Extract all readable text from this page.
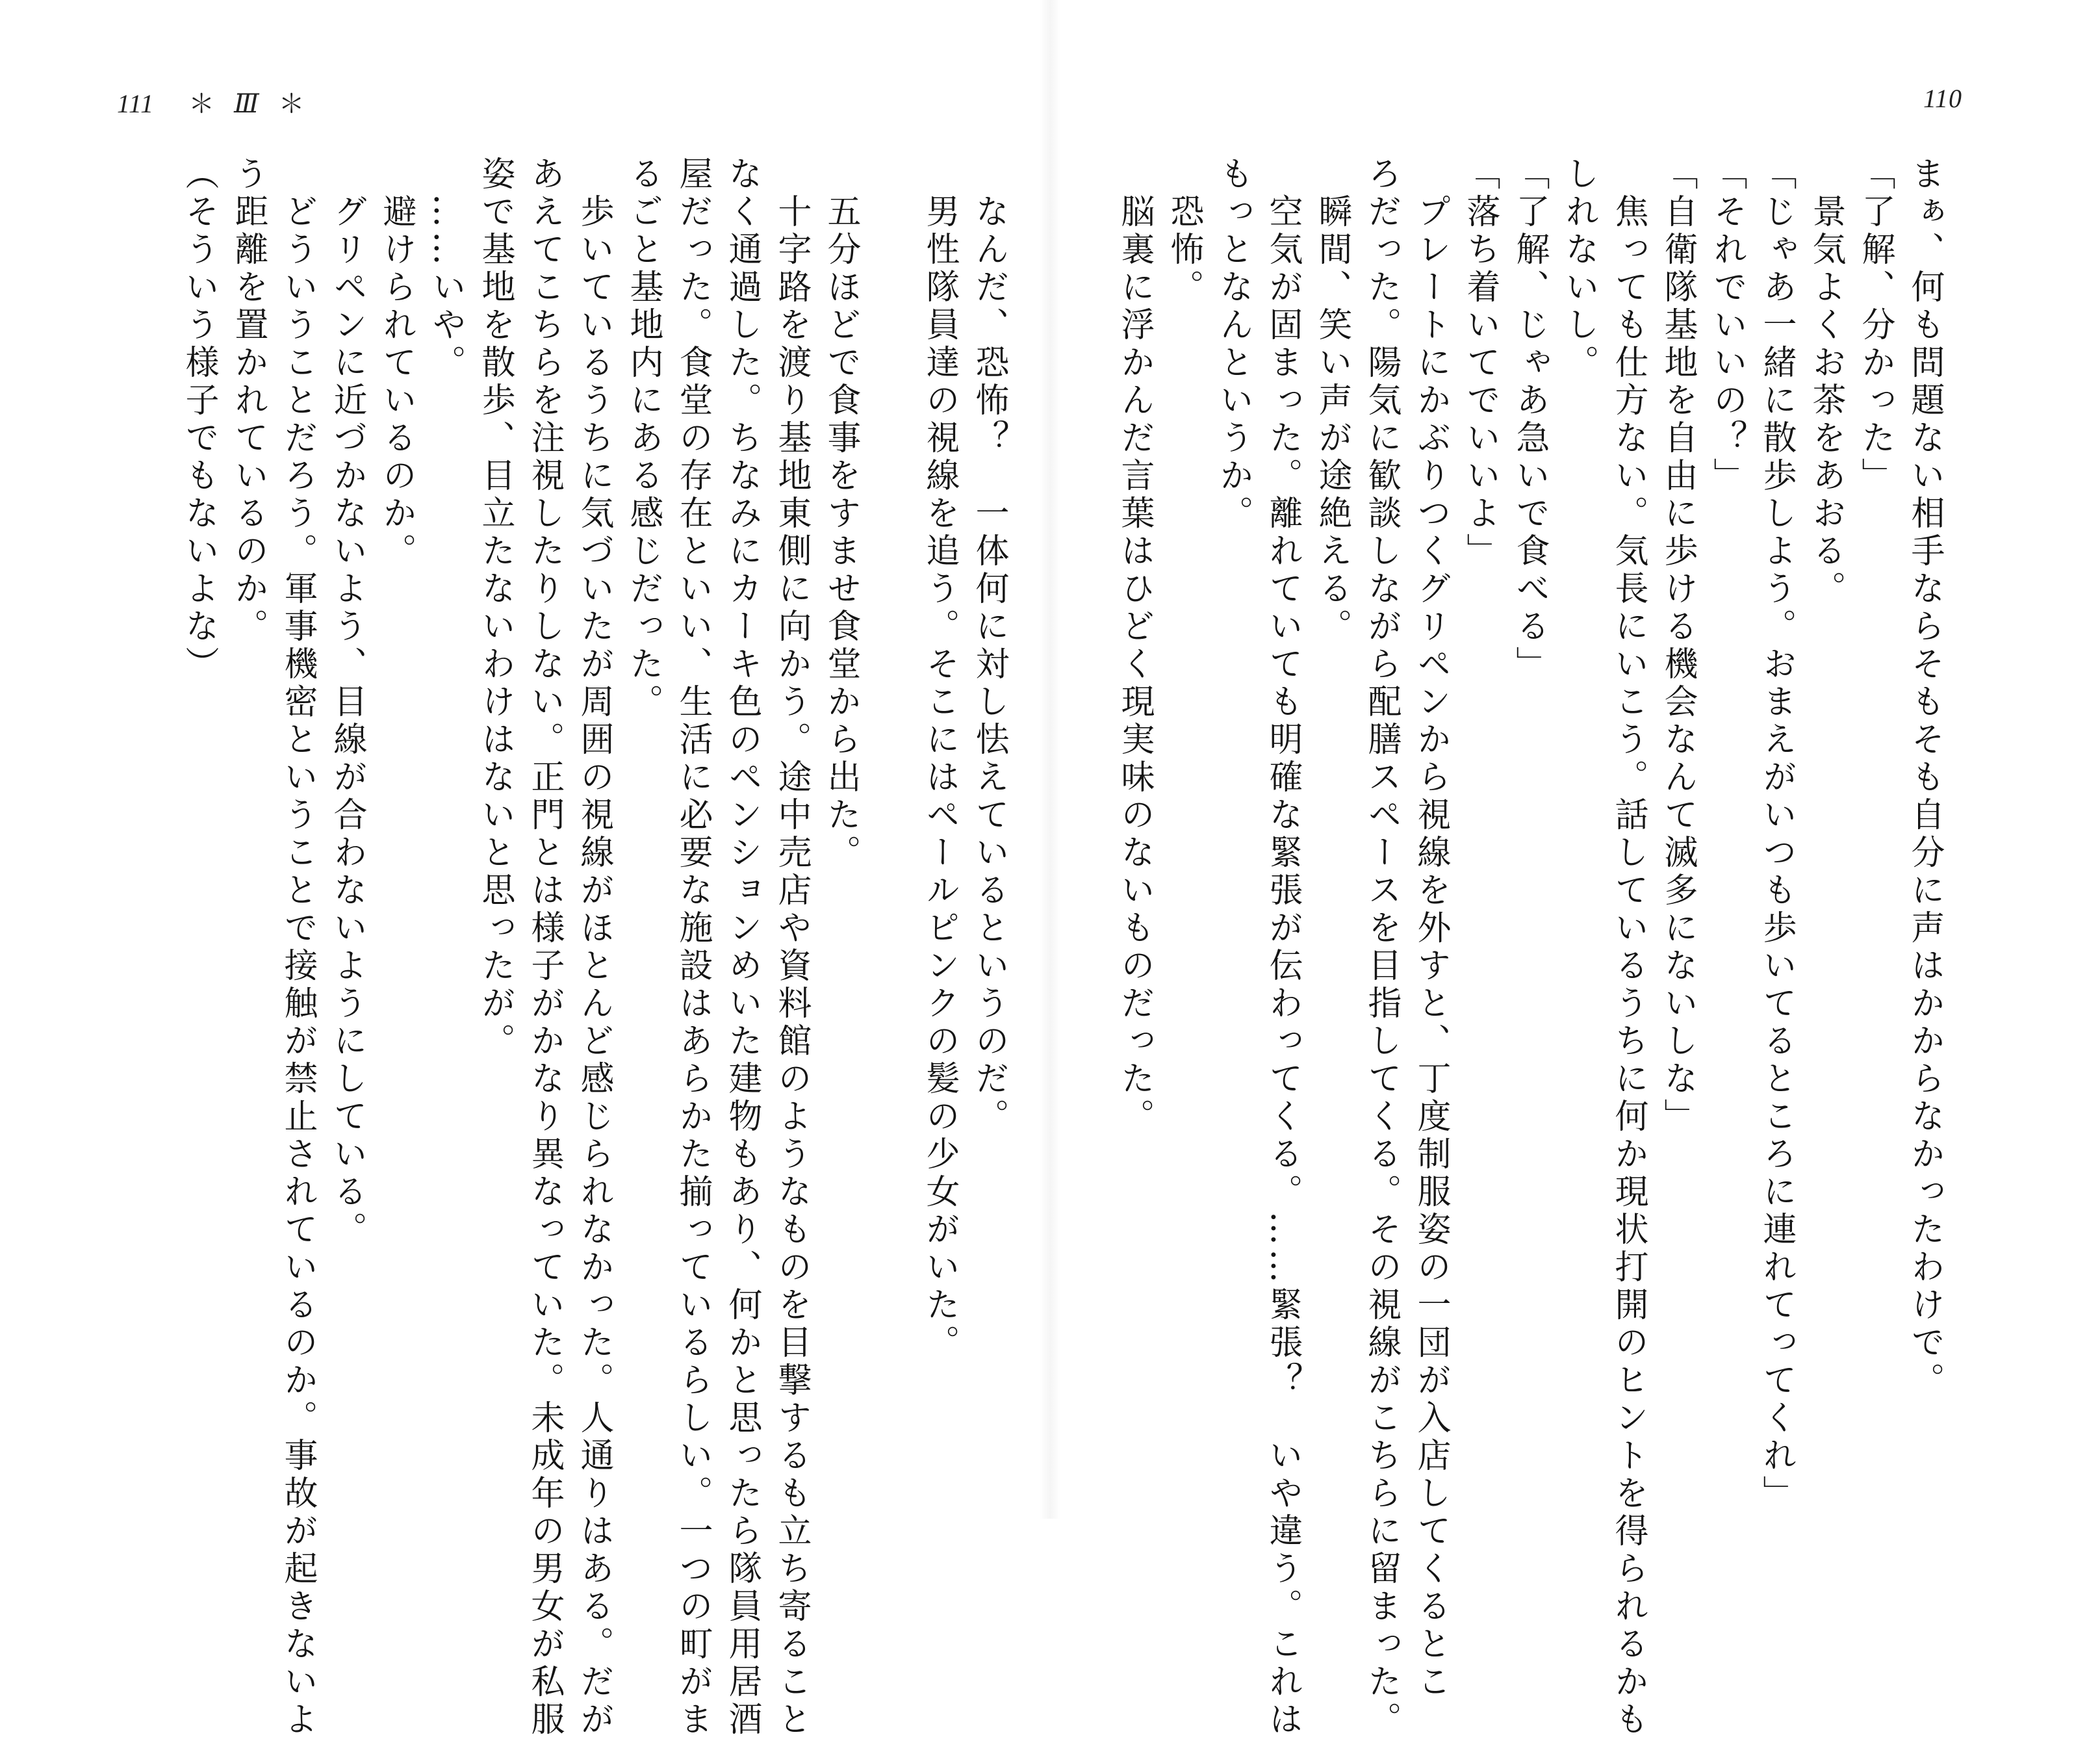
111 ＊ Ⅲ ＊	110
まぁ、何も問題ない相手ならそもそも自分に声はかからなかったわけで。
「了解、分かった」
　景気よくお茶をあおる。
「じゃあ一緒に散歩しよう。おまえがいつも歩いてるところに連れてってくれ」
「それでいいの？」
「自衛隊基地を自由に歩ける機会なんて滅多にないしな」
　焦っても仕方ない。気長にいこう。話しているうちに何か現状打開のヒントを得られるかも
しれないし。
「了解、じゃあ急いで食べる」
「落ち着いてでいいよ」
　プレートにかぶりつくグリペンから視線を外すと、丁度制服姿の一団が入店してくるとこ
ろだった。陽気に歓談しながら配膳スペースを目指してくる。その視線がこちらに留まった。
　瞬間、笑い声が途絶える。
　空気が固まった。離れていても明確な緊張が伝わってくる。……緊張？　いや違う。これは
もっとなんというか。
　恐怖。
　脳裏に浮かんだ言葉はひどく現実味のないものだった。
　なんだ、恐怖？　一体何に対し怯えているというのだ。
　男性隊員達の視線を追う。そこにはペールピンクの髪の少女がいた。
　五分ほどで食事をすませ食堂から出た。
　十字路を渡り基地東側に向かう。途中売店や資料館のようなものを目撃するも立ち寄ること
なく通過した。ちなみにカーキ色のペンションめいた建物もあり、何かと思ったら隊員用居酒
屋だった。食堂の存在といい、生活に必要な施設はあらかた揃っているらしい。一つの町がま
るごと基地内にある感じだった。
　歩いているうちに気づいたが周囲の視線がほとんど感じられなかった。人通りはある。だが
あえてこちらを注視したりしない。正門とは様子がかなり異なっていた。未成年の男女が私服
姿で基地を散歩、目立たないわけはないと思ったが。
　……いや。
　避けられているのか。
　グリペンに近づかないよう、目線が合わないようにしている。
　どういうことだろう。軍事機密ということで接触が禁止されているのか。事故が起きないよ
う距離を置かれているのか。
（そういう様子でもないよな）
